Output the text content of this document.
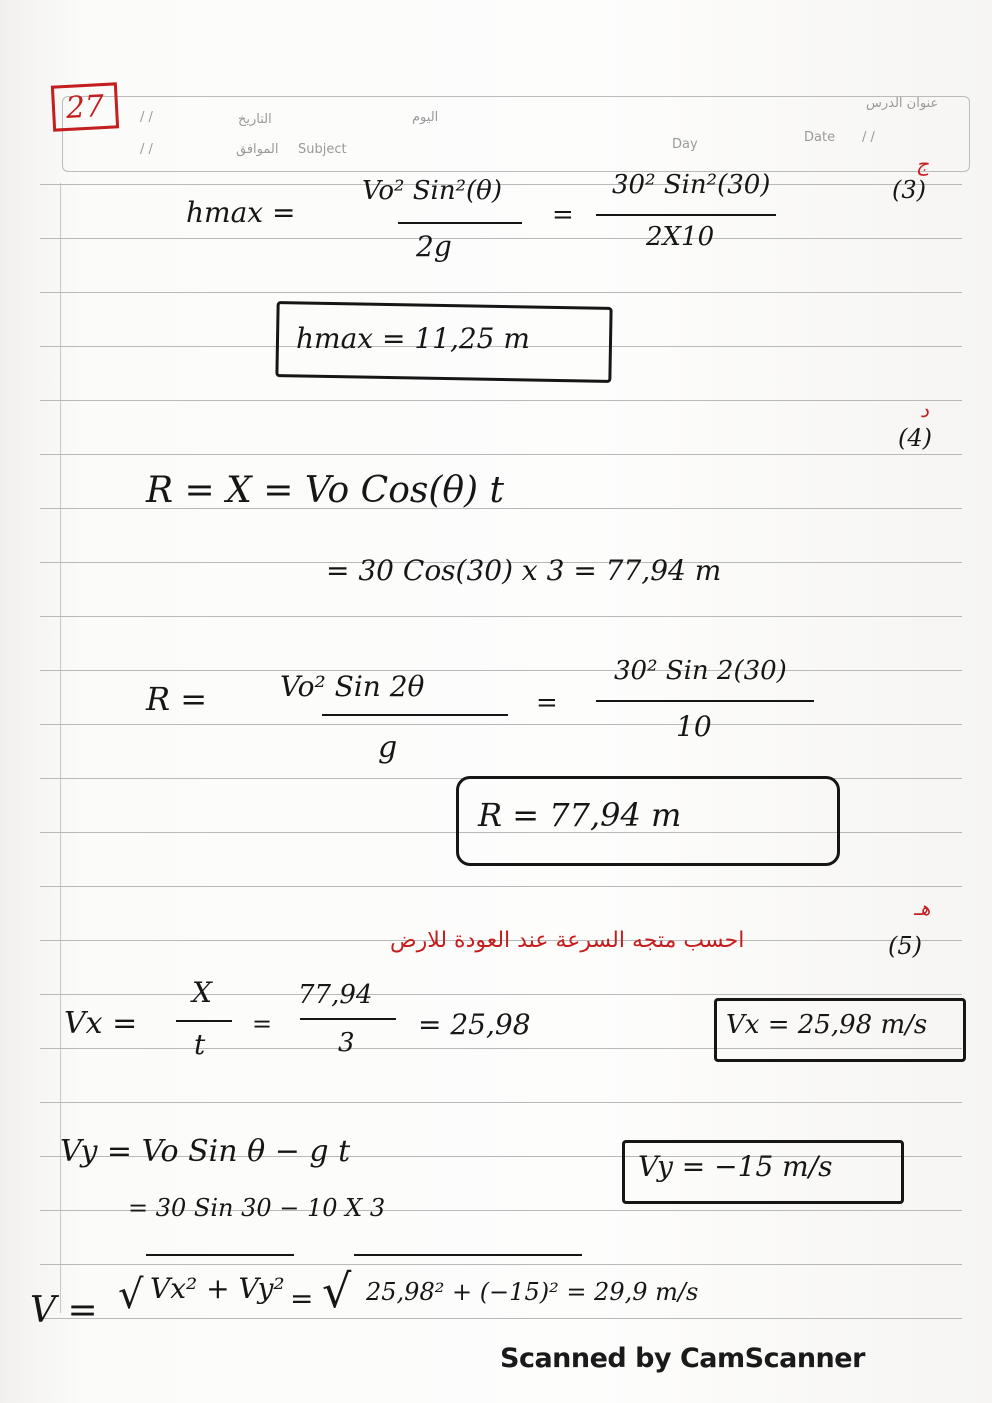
27	عنوان الدرس
اليوم
التاريخ
/ /
الموافق
/ /	Subject	Day	Date / /
ج
(3)
hmax =
Vo² Sin²(θ)
2g
=
30² Sin²(30)
2X10
hmax = 11,25 m
د
(4)
R = X = Vo Cos(θ) t
= 30 Cos(30) x 3 = 77,94 m
R =	Vo² Sin 2θ
g
=
30² Sin 2(30)
10
R = 77,94 m
هـ
(5)
احسب متجه السرعة عند العودة للارض
Vx =
X
t
=
77,94
3
= 25,98	Vx = 25,98 m/s
Vy = Vo Sin θ − g t
= 30 Sin 30 − 10 X 3
Vy = −15 m/s
V = √ Vx² + Vy² = √ 25,98² + (−15)² = 29,9 m/s
Scanned by CamScanner
